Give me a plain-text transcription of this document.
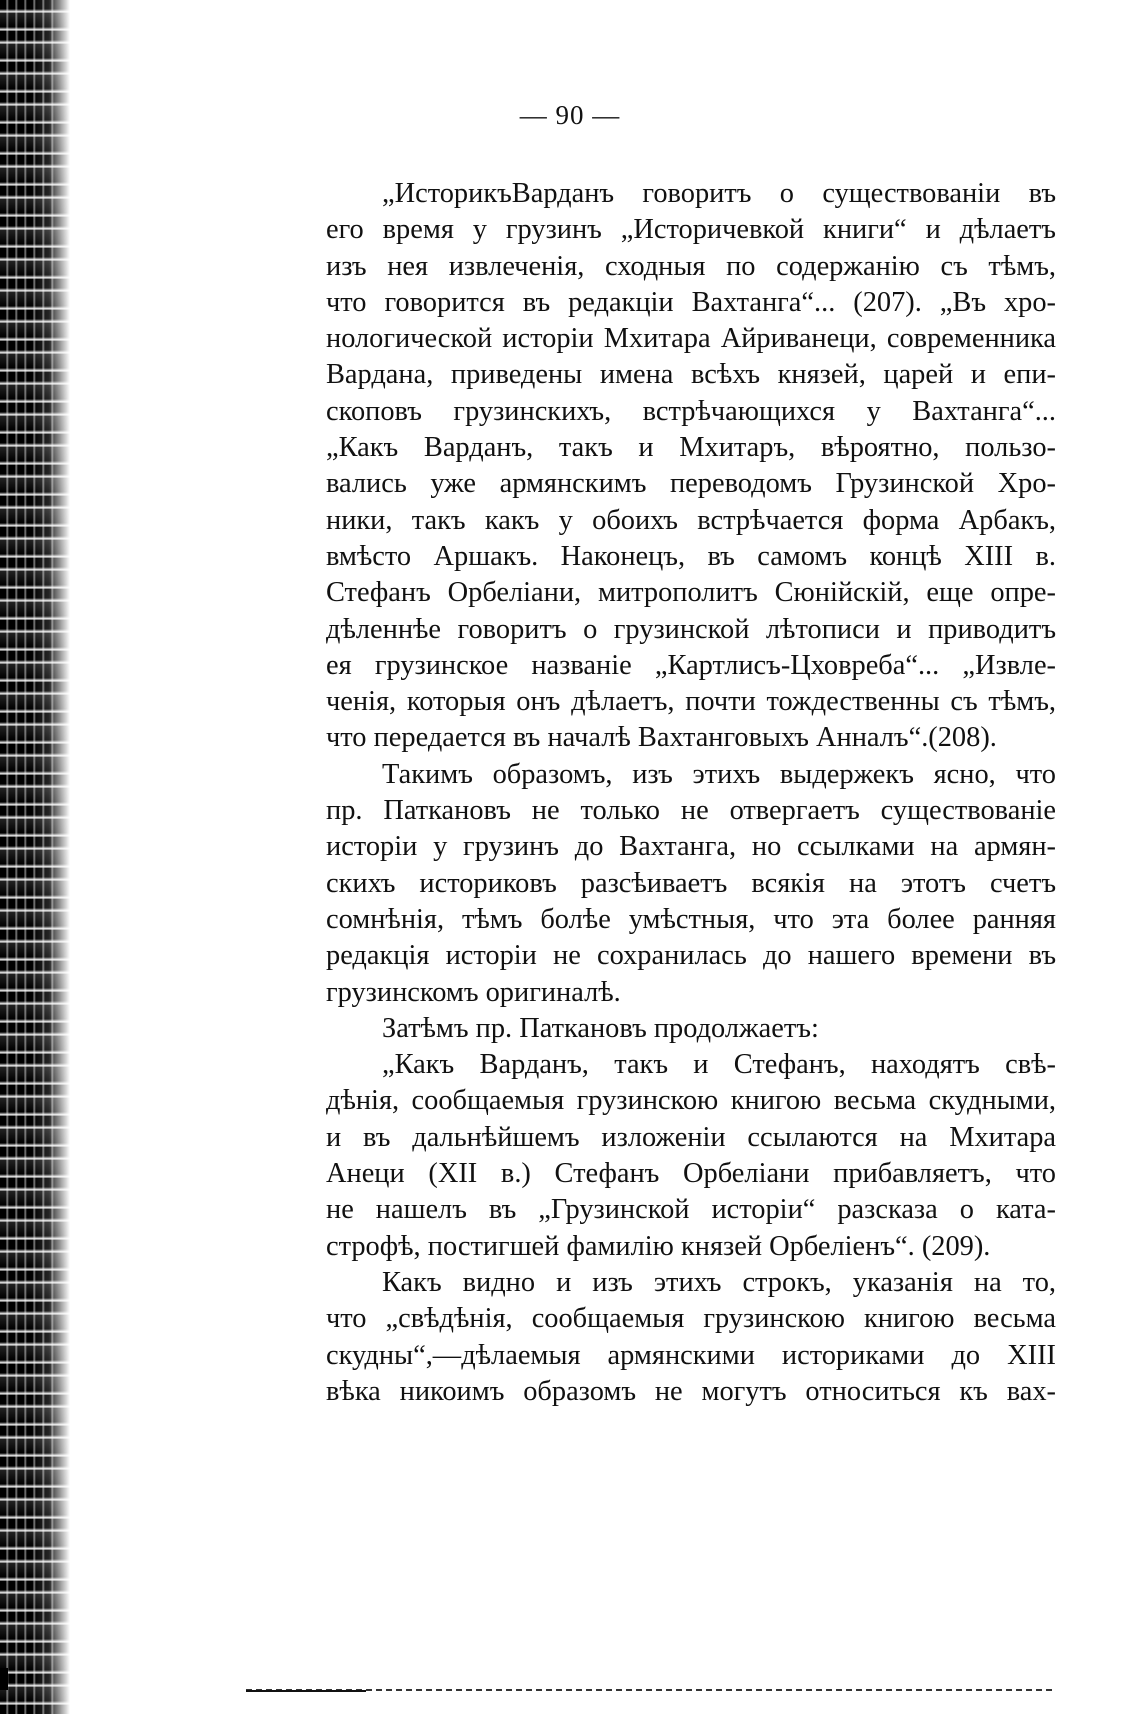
— 90 —
„ИсторикъВарданъ говоритъ о существованіи въ
его время у грузинъ „Историчевкой книги“ и дѣлаетъ
изъ нея извлеченія, сходныя по содержанію съ тѣмъ,
что говорится въ редакціи Вахтанга“... (207). „Въ хро-
нологической исторіи Мхитара Айриванеци, современника
Вардана, приведены имена всѣхъ князей, царей и епи-
скоповъ грузинскихъ, встрѣчающихся у Вахтанга“...
„Какъ Варданъ, такъ и Мхитаръ, вѣроятно, пользо-
вались уже армянскимъ переводомъ Грузинской Хро-
ники, такъ какъ у обоихъ встрѣчается форма Арбакъ,
вмѣсто Аршакъ. Наконецъ, въ самомъ концѣ XIII в.
Стефанъ Орбеліани, митрополитъ Сюнійскій, еще опре-
дѣленнѣе говоритъ о грузинской лѣтописи и приводитъ
ея грузинское названіе „Картлисъ-Цховреба“... „Извле-
ченія, которыя онъ дѣлаетъ, почти тождественны съ тѣмъ,
что передается въ началѣ Вахтанговыхъ Анналъ“.(208).
Такимъ образомъ, изъ этихъ выдержекъ ясно, что
пр. Паткановъ не только не отвергаетъ существованіе
исторіи у грузинъ до Вахтанга, но ссылками на армян-
скихъ историковъ разсѣиваетъ всякія на этотъ счетъ
сомнѣнія, тѣмъ болѣе умѣстныя, что эта более ранняя
редакція исторіи не сохранилась до нашего времени въ
грузинскомъ оригиналѣ.
Затѣмъ пр. Паткановъ продолжаетъ:
„Какъ Варданъ, такъ и Стефанъ, находятъ свѣ-
дѣнія, сообщаемыя грузинскою книгою весьма скудными,
и въ дальнѣйшемъ изложеніи ссылаются на Мхитара
Анеци (XII в.) Стефанъ Орбеліани прибавляетъ, что
не нашелъ въ „Грузинской исторіи“ разсказа о ката-
строфѣ, постигшей фамилію князей Орбеліенъ“. (209).
Какъ видно и изъ этихъ строкъ, указанія на то,
что „свѣдѣнія, сообщаемыя грузинскою книгою весьма
скудны“,—дѣлаемыя армянскими историками до XIII
вѣка никоимъ образомъ не могутъ относиться къ вах-
